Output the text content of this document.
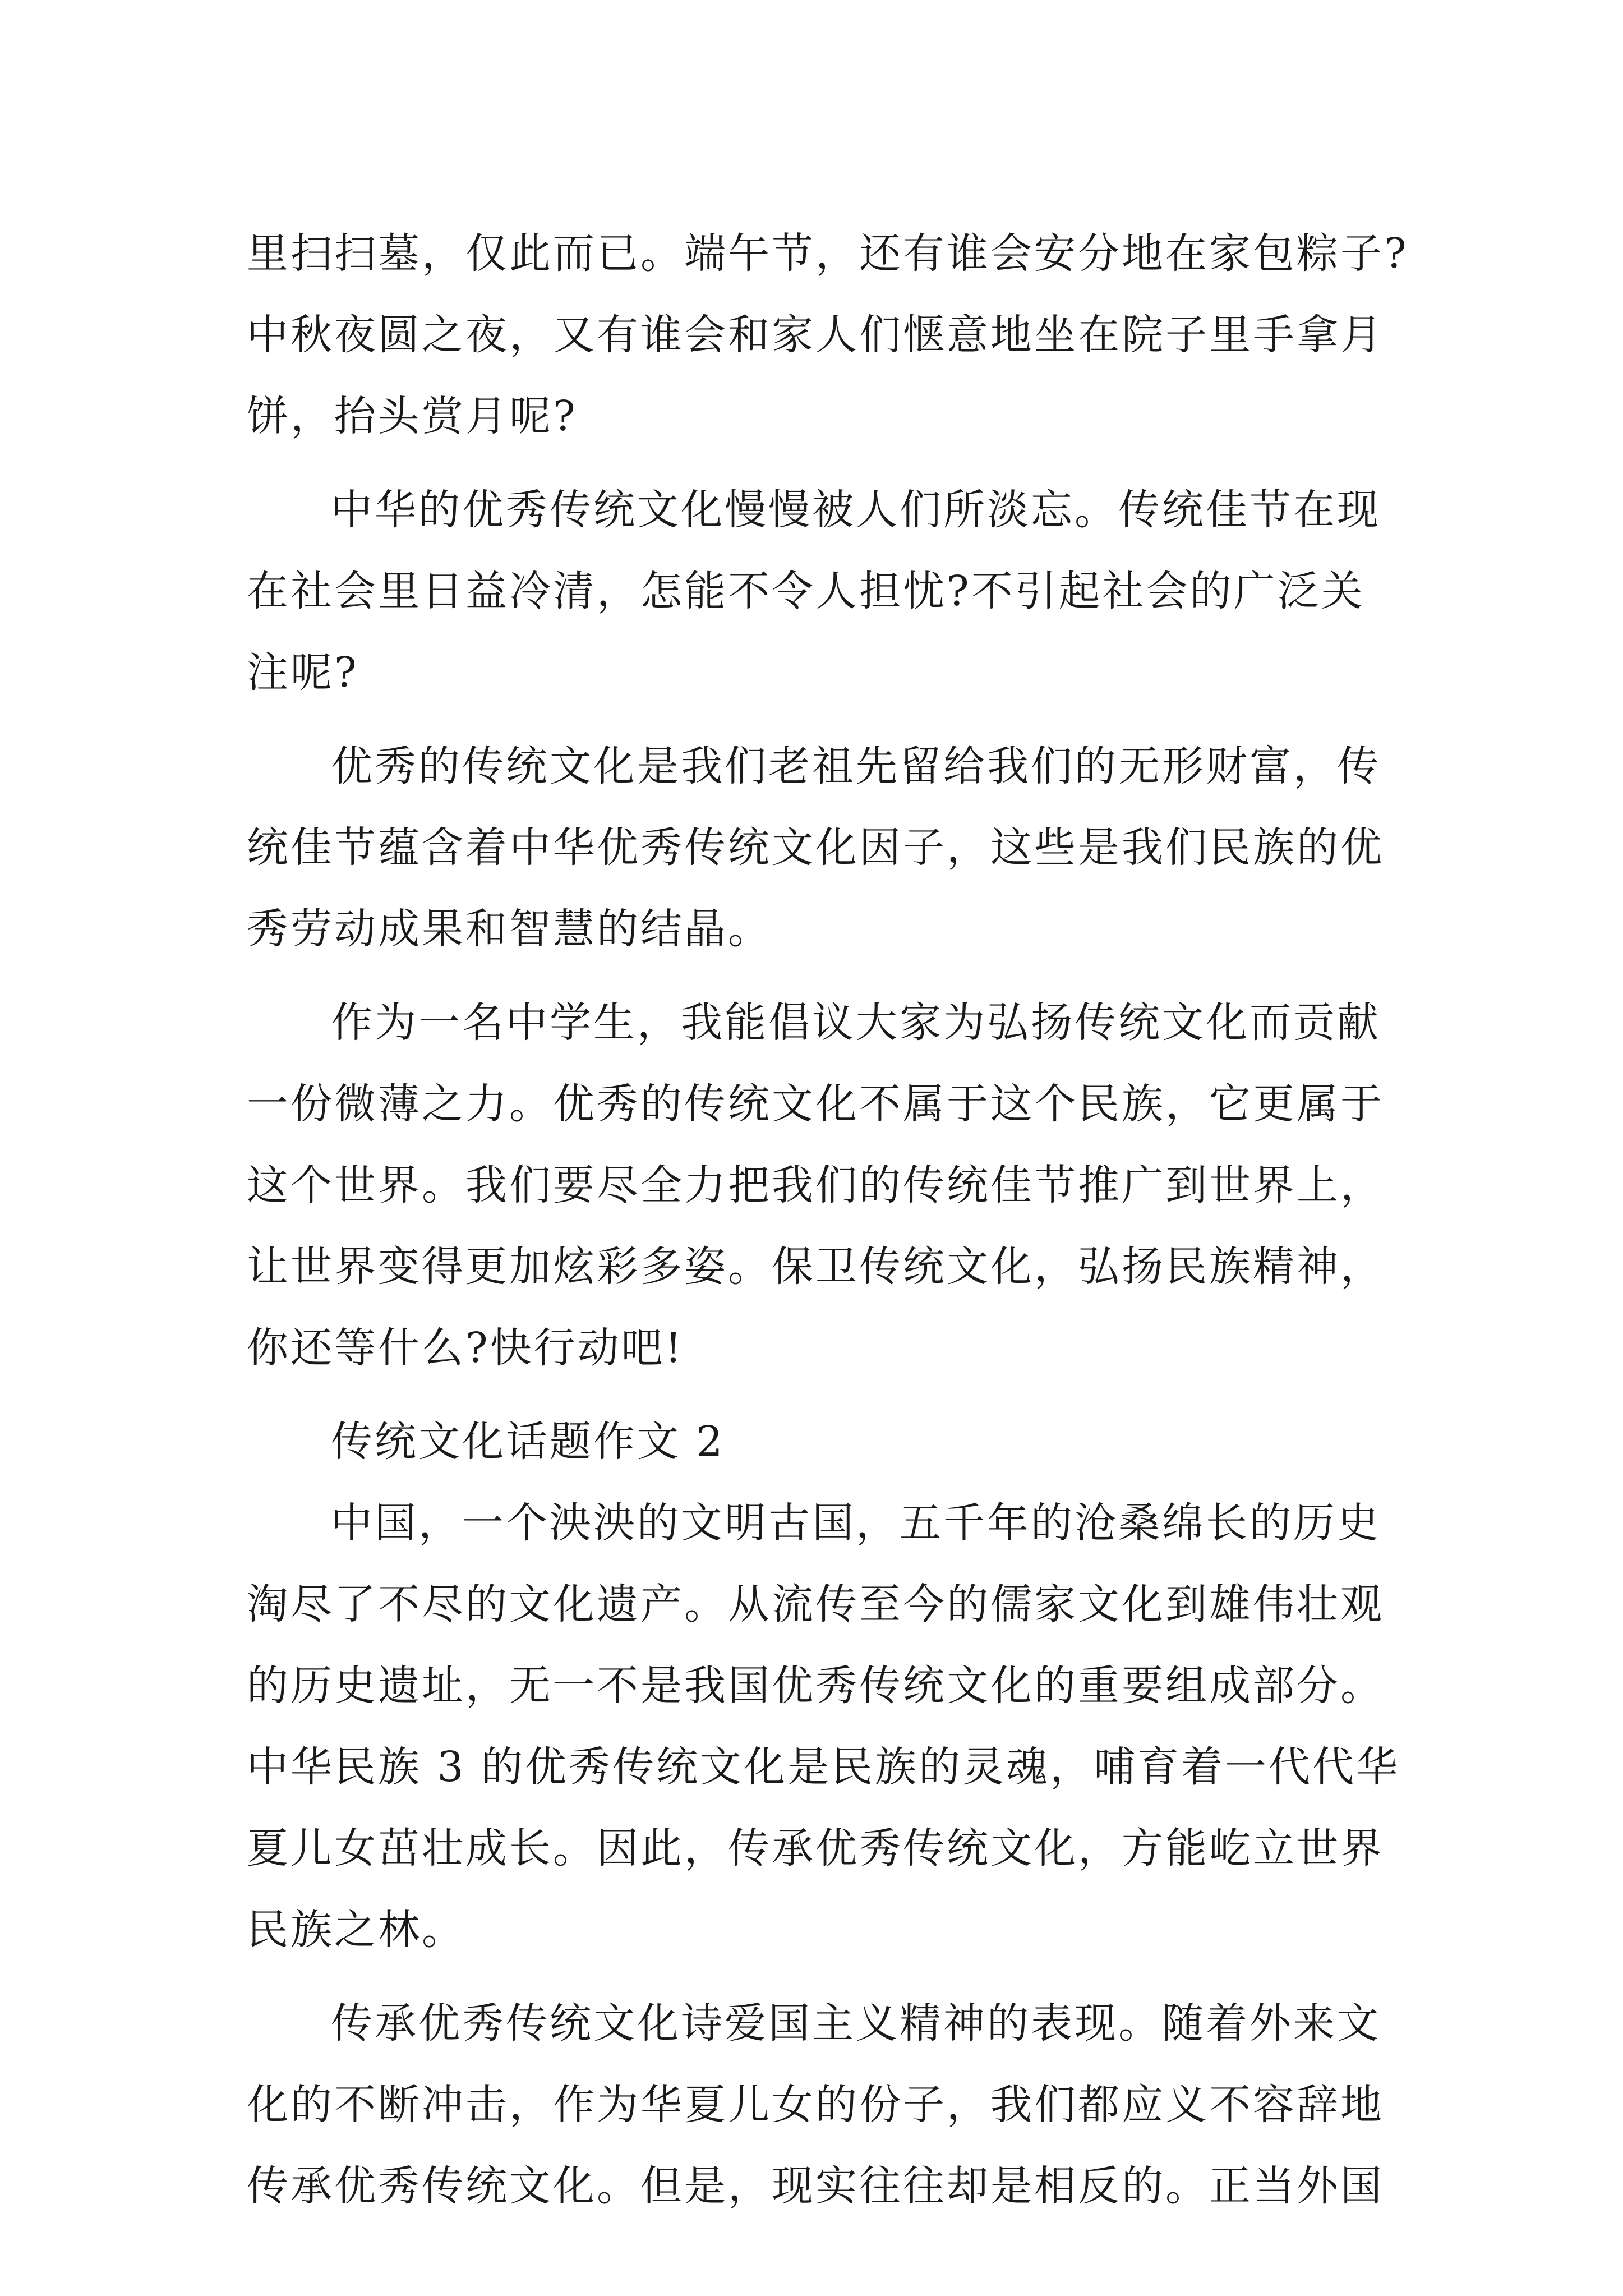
里扫扫墓，仅此而已。端午节，还有谁会安分地在家包粽子?
中秋夜圆之夜，又有谁会和家人们惬意地坐在院子里手拿月
饼，抬头赏月呢?
中华的优秀传统文化慢慢被人们所淡忘。传统佳节在现
在社会里日益冷清，怎能不令人担忧?不引起社会的广泛关
注呢?
优秀的传统文化是我们老祖先留给我们的无形财富，传
统佳节蕴含着中华优秀传统文化因子，这些是我们民族的优
秀劳动成果和智慧的结晶。
作为一名中学生，我能倡议大家为弘扬传统文化而贡献
一份微薄之力。优秀的传统文化不属于这个民族，它更属于
这个世界。我们要尽全力把我们的传统佳节推广到世界上，
让世界变得更加炫彩多姿。保卫传统文化，弘扬民族精神，
你还等什么?快行动吧!
传统文化话题作文 2
中国，一个泱泱的文明古国，五千年的沧桑绵长的历史
淘尽了不尽的文化遗产。从流传至今的儒家文化到雄伟壮观
的历史遗址，无一不是我国优秀传统文化的重要组成部分。
中华民族 3 的优秀传统文化是民族的灵魂，哺育着一代代华
夏儿女茁壮成长。因此，传承优秀传统文化，方能屹立世界
民族之林。
传承优秀传统文化诗爱国主义精神的表现。随着外来文
化的不断冲击，作为华夏儿女的份子，我们都应义不容辞地
传承优秀传统文化。但是，现实往往却是相反的。正当外国
